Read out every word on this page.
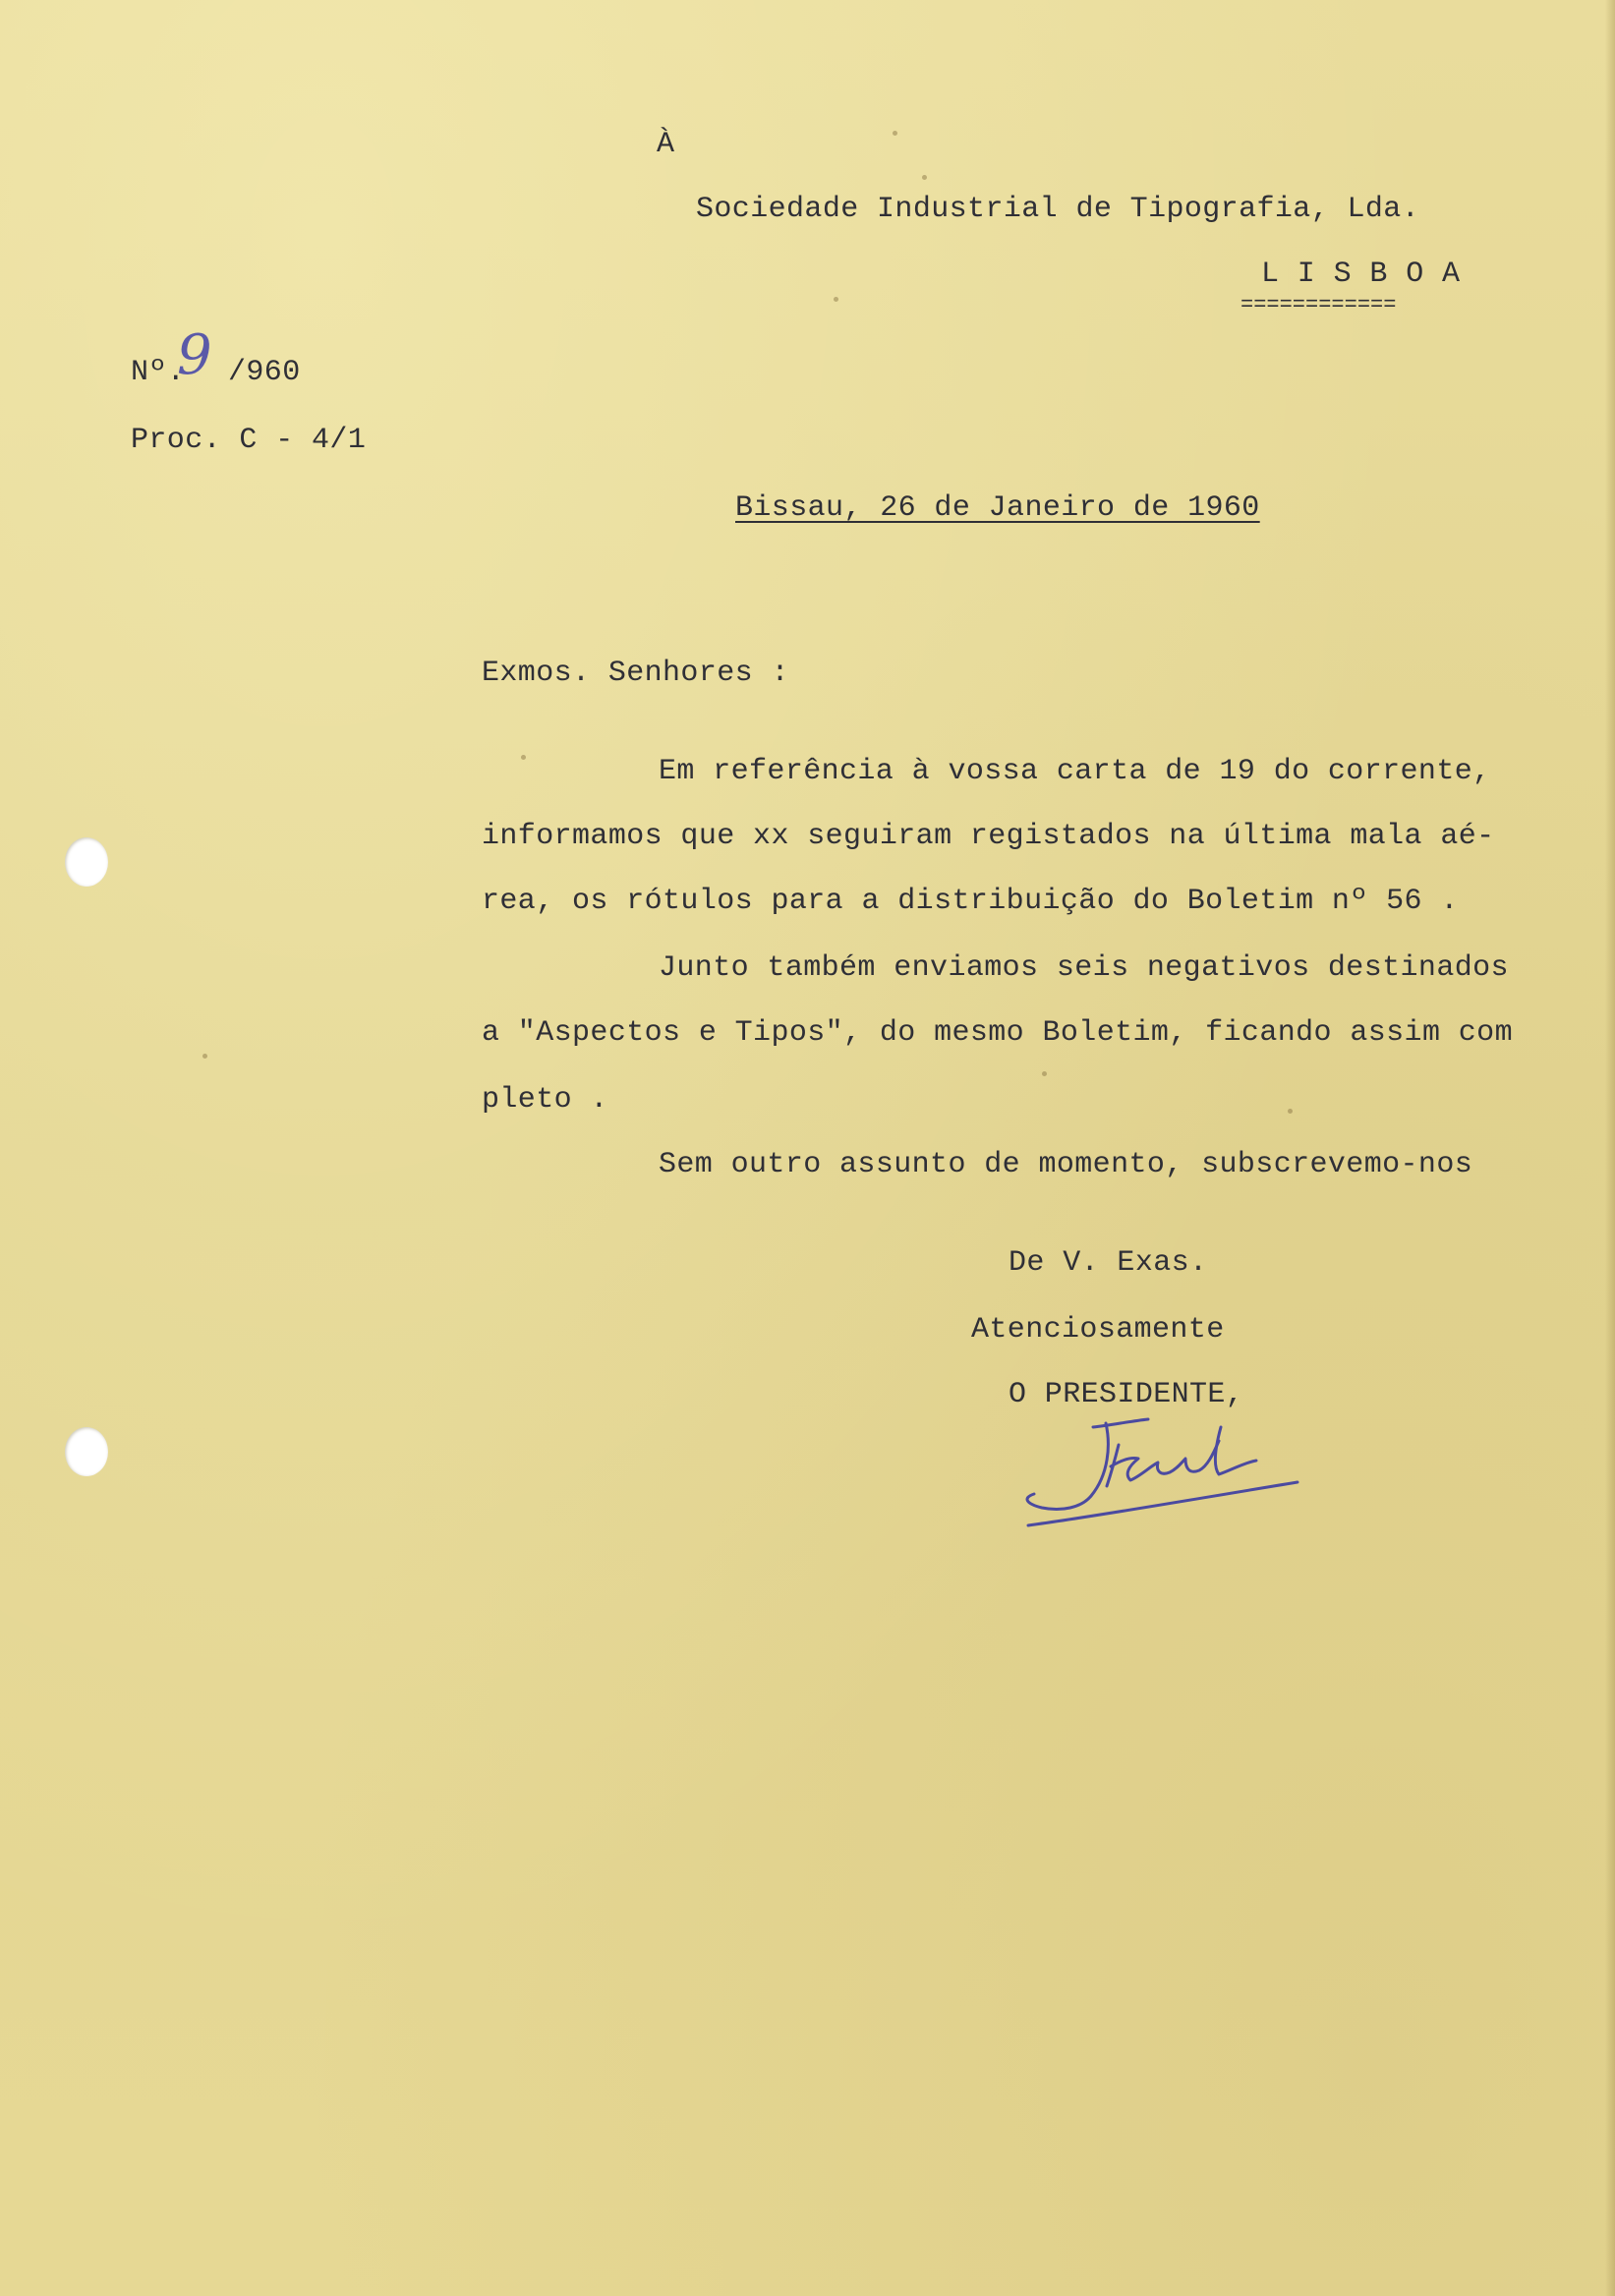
À
Sociedade Industrial de Tipografia, Lda.
L I S B O A
============
Nº.
9 /960
Proc. C - 4/1
Bissau, 26 de Janeiro de 1960
Exmos. Senhores :
Em referência à vossa carta de 19 do corrente,
informamos que xx seguiram registados na última mala aé-
rea, os rótulos para a distribuição do Boletim nº 56 .
Junto também enviamos seis negativos destinados
a "Aspectos e Tipos", do mesmo Boletim, ficando assim com
pleto .
Sem outro assunto de momento, subscrevemo-nos
De V. Exas.
Atenciosamente
O PRESIDENTE,
